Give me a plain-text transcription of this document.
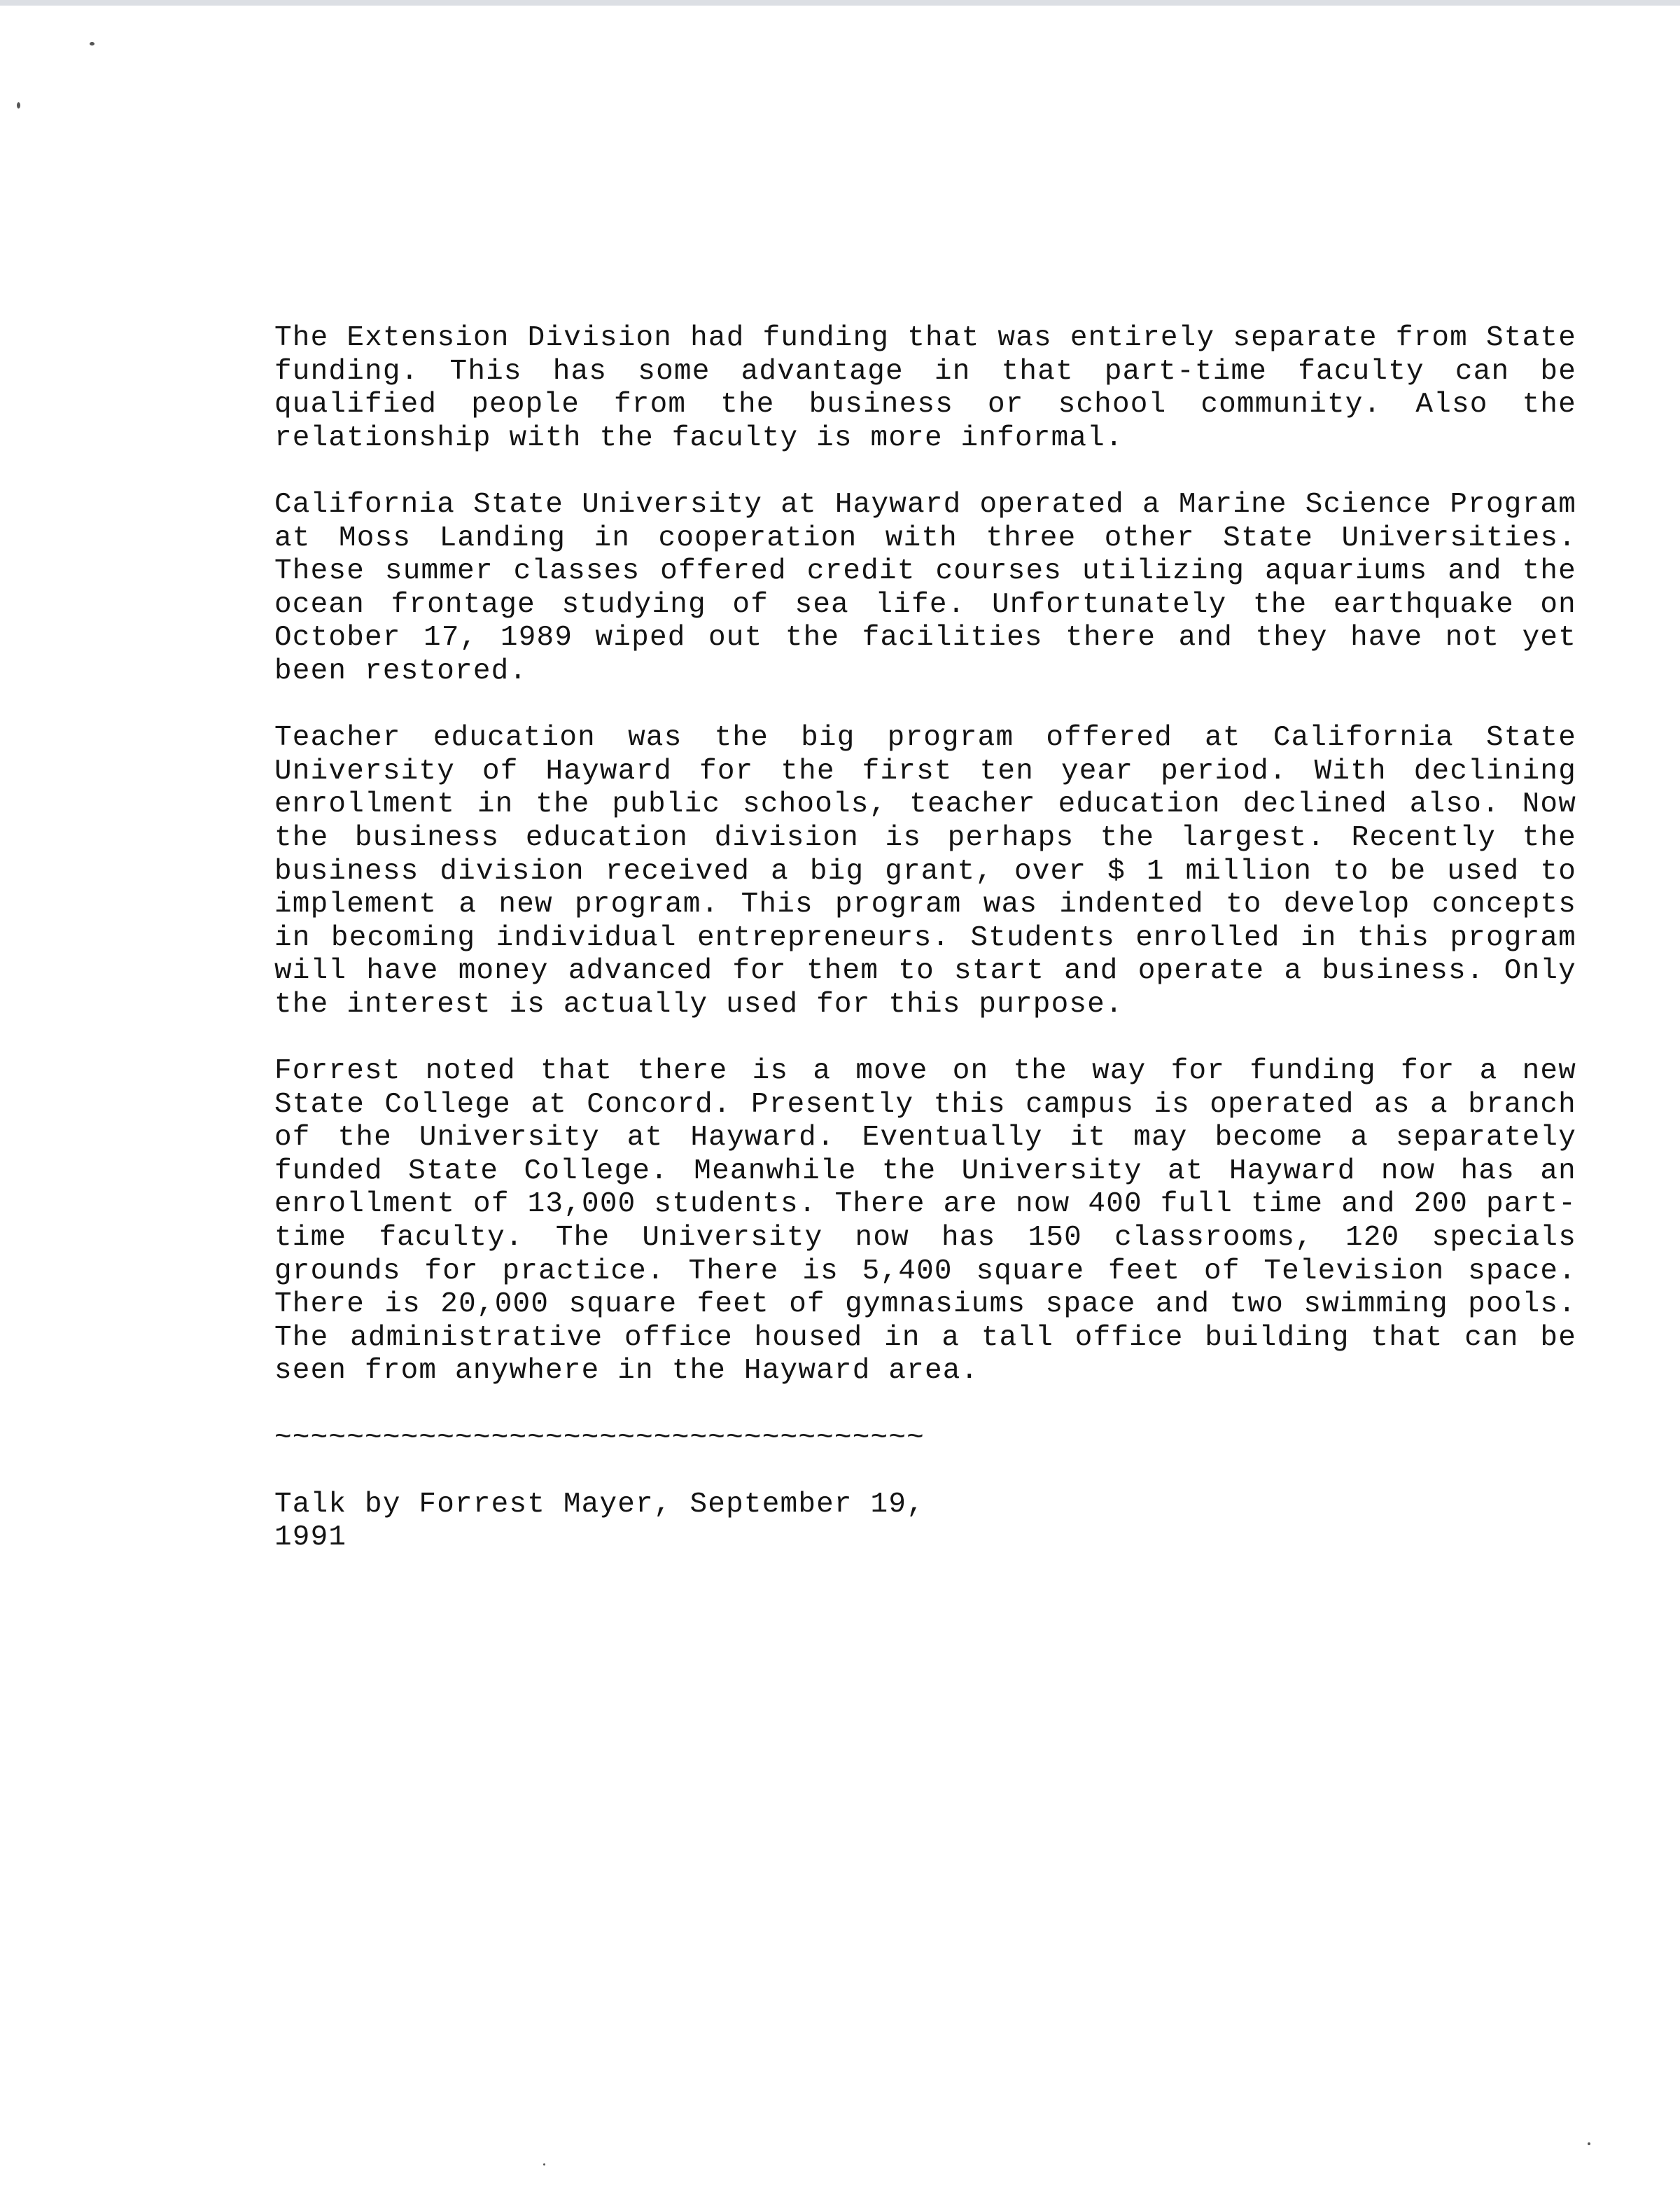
The Extension Division had funding that was entirely separate from State funding. This has some advantage in that part-time faculty can be qualified people from the business or school community. Also the relationship with the faculty is more informal.

California State University at Hayward operated a Marine Science Program at Moss Landing in cooperation with three other State Universities. These summer classes offered credit courses utilizing aquariums and the ocean frontage studying of sea life. Unfortunately the earthquake on October 17, 1989 wiped out the facilities there and they have not yet been restored.

Teacher education was the big program offered at California State University of Hayward for the first ten year period. With declining enrollment in the public schools, teacher education declined also. Now the business education division is perhaps the largest. Recently the business division received a big grant, over $ 1 million to be used to implement a new program. This program was indented to develop concepts in becoming individual entrepreneurs. Students enrolled in this program will have money advanced for them to start and operate a business. Only the interest is actually used for this purpose.

Forrest noted that there is a move on the way for funding for a new State College at Concord. Presently this campus is operated as a branch of the University at Hayward. Eventually it may become a separately funded State College. Meanwhile the University at Hayward now has an enrollment of 13,000 students. There are now 400 full time and 200 part-time faculty. The University now has 150 classrooms, 120 specials grounds for practice. There is 5,400 square feet of Television space. There is 20,000 square feet of gymnasiums space and two swimming pools. The administrative office housed in a tall office building that can be seen from anywhere in the Hayward area.

~~~~~~~~~~~~~~~~~~~~~~~~~~~~~~~~~~~~
Talk by Forrest Mayer, September 19, 1991
